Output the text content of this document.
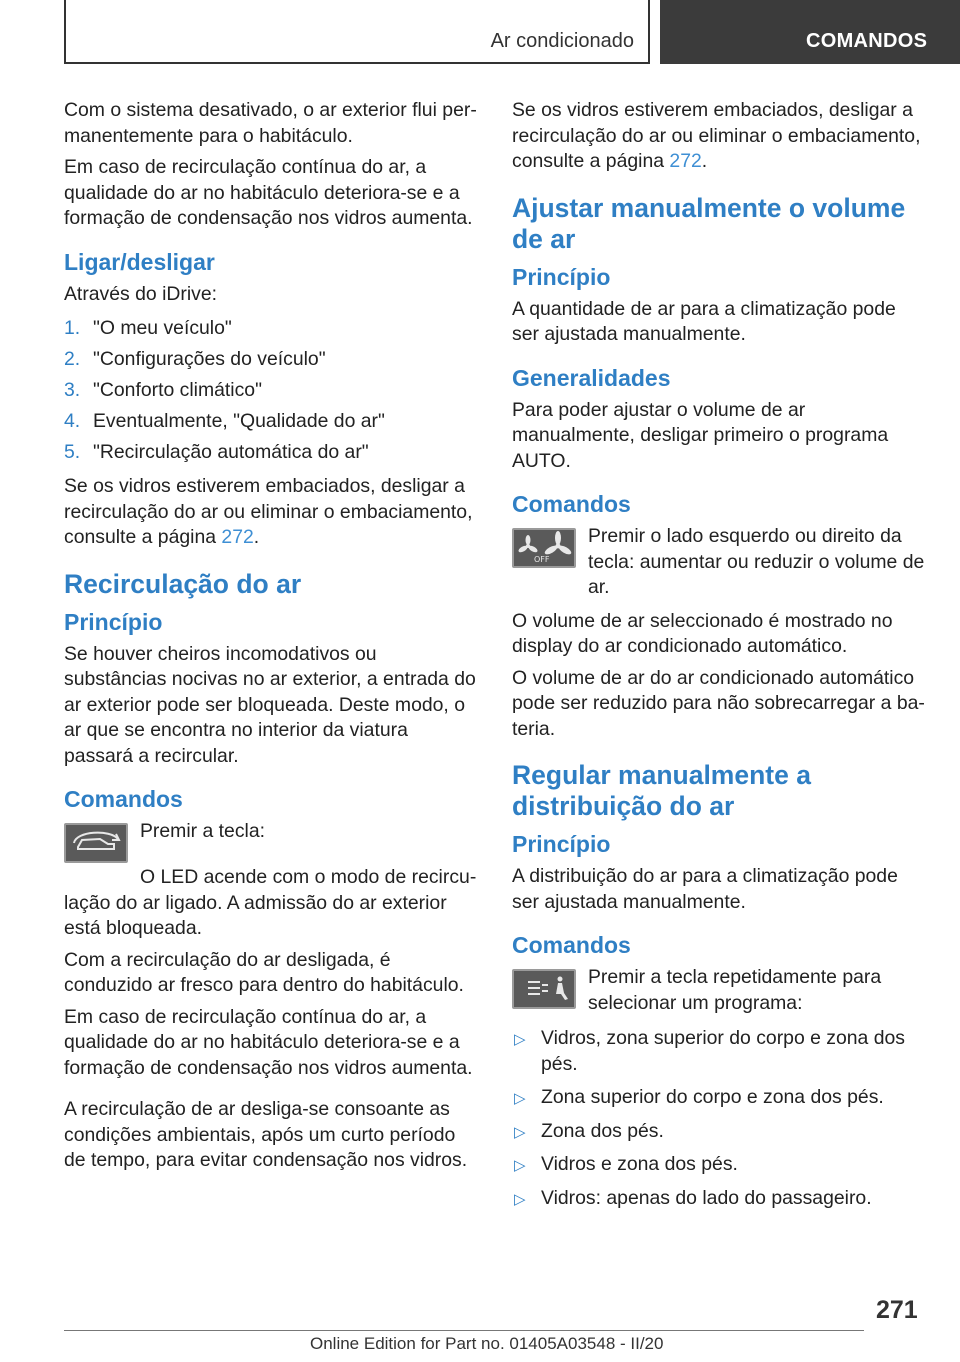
Ar condicionado	COMANDOS

Com o sistema desativado, o ar exterior flui permanentemente para o habitáculo.

Em caso de recirculação contínua do ar, a qualidade do ar no habitáculo deteriora-se e a formação de condensação nos vidros aumenta.

Ligar/desligar

Através do iDrive:

1. "O meu veículo"
2. "Configurações do veículo"
3. "Conforto climático"
4. Eventualmente, "Qualidade do ar"
5. "Recirculação automática do ar"

Se os vidros estiverem embaciados, desligar a recirculação do ar ou eliminar o embaciamento, consulte a página 272.

Recirculação do ar
Princípio

Se houver cheiros incomodativos ou substâncias nocivas no ar exterior, a entrada do ar exterior pode ser bloqueada. Deste modo, o ar que se encontra no interior da viatura passará a recircular.

Comandos
Premir a tecla:

O LED acende com o modo de recirculação do ar ligado. A admissão do ar exterior está bloqueada.

Com a recirculação do ar desligada, é conduzido ar fresco para dentro do habitáculo.

Em caso de recirculação contínua do ar, a qualidade do ar no habitáculo deteriora-se e a formação de condensação nos vidros aumenta.

A recirculação de ar desliga-se consoante as condições ambientais, após um curto período de tempo, para evitar condensação nos vidros.

Se os vidros estiverem embaciados, desligar a recirculação do ar ou eliminar o embaciamento, consulte a página 272.

Ajustar manualmente o volume de ar
Princípio

A quantidade de ar para a climatização pode ser ajustada manualmente.

Generalidades

Para poder ajustar o volume de ar manualmente, desligar primeiro o programa AUTO.

Comandos
OFF
Premir o lado esquerdo ou direito da tecla: aumentar ou reduzir o volume de ar.

O volume de ar seleccionado é mostrado no display do ar condicionado automático.

O volume de ar do ar condicionado automático pode ser reduzido para não sobrecarregar a bateria.

Regular manualmente a distribuição do ar
Princípio

A distribuição do ar para a climatização pode ser ajustada manualmente.

Comandos
Premir a tecla repetidamente para selecionar um programa:
▷ Vidros, zona superior do corpo e zona dos pés.
▷ Zona superior do corpo e zona dos pés.
▷ Zona dos pés.
▷ Vidros e zona dos pés.
▷ Vidros: apenas do lado do passageiro.
271
Online Edition for Part no. 01405A03548 - II/20
